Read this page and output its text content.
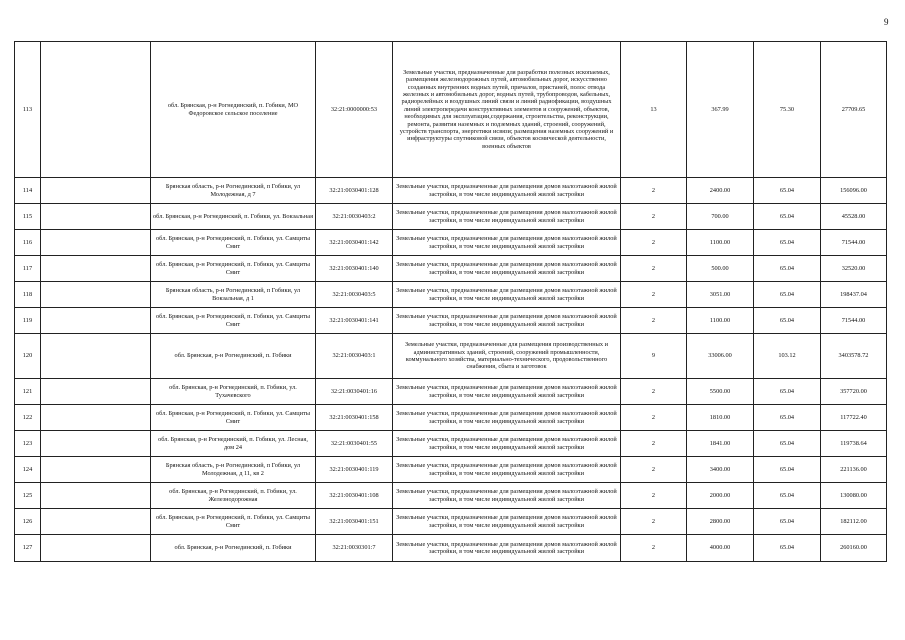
9
113		обл. Брянская, р-н Рогнединский, п. Гобики, МО Федоровское сельское поселение	32:21:0000000:53	Земельные участки, предназначенные для разработки полезных ископаемых, размещения железнодорожных путей, автомобильных дорог, искусственно созданных внутренних водных путей, причалов, пристаней, полос отвода железных и автомобильных дорог, водных путей, трубопроводов, кабельных, радиорелейных и воздушных линий связи и линий радиофикации, воздушных линий электропередачи конструктивных элементов и сооружений, объектов, необходимых для эксплуатации,содержания, строительства, реконструкции, ремонта, развития наземных и подземных зданий, строений, сооружений, устройств транспорта, энергетики исвязи; размещения наземных сооружений и инфраструктуры спутниковой связи, объектов космической деятельности, военных объектов	13	367.99	75.30	27709.65
114		Брянская область, р-н Рогнединский, п Гобики, ул Молодежная, д 7	32:21:0030401:128	Земельные участки, предназначенные для размещения домов малоэтажной жилой застройки, в том числе индивидуальной жилой застройки	2	2400.00	65.04	156096.00
115		обл. Брянская, р-н Рогнединский, п. Гобики, ул. Вокзальная	32:21:0030403:2	Земельные участки, предназначенные для размещения домов малоэтажной жилой застройки, в том числе индивидуальной жилой застройки	2	700.00	65.04	45528.00
116		обл. Брянская, р-н Рогнединский, п. Гобики, ул. Самциты Смит	32:21:0030401:142	Земельные участки, предназначенные для размещения домов малоэтажной жилой застройки, в том числе индивидуальной жилой застройки	2	1100.00	65.04	71544.00
117		обл. Брянская, р-н Рогнединский, п. Гобики, ул. Самциты Смит	32:21:0030401:140	Земельные участки, предназначенные для размещения домов малоэтажной жилой застройки, в том числе индивидуальной жилой застройки	2	500.00	65.04	32520.00
118		Брянская область, р-н Рогнединский, п Гобики, ул Вокзальная, д 1	32:21:0030403:5	Земельные участки, предназначенные для размещения домов малоэтажной жилой застройки, в том числе индивидуальной жилой застройки	2	3051.00	65.04	198437.04
119		обл. Брянская, р-н Рогнединский, п. Гобики, ул. Самциты Смит	32:21:0030401:141	Земельные участки, предназначенные для размещения домов малоэтажной жилой застройки, в том числе индивидуальной жилой застройки	2	1100.00	65.04	71544.00
120		обл. Брянская, р-н Рогнединский, п. Гобики	32:21:0030403:1	Земельные участки, предназначенные для размещения производственных и административных зданий, строений, сооружений промышленности, коммунального хозяйства, материально-технического, продовольственного снабжения, сбыта и заготовок	9	33006.00	103.12	3403578.72
121		обл. Брянская, р-н Рогнединский, п. Гобики, ул. Тухачевского	32:21:0030401:16	Земельные участки, предназначенные для размещения домов малоэтажной жилой застройки, в том числе индивидуальной жилой застройки	2	5500.00	65.04	357720.00
122		обл. Брянская, р-н Рогнединский, п. Гобики, ул. Самциты Смит	32:21:0030401:158	Земельные участки, предназначенные для размещения домов малоэтажной жилой застройки, в том числе индивидуальной жилой застройки	2	1810.00	65.04	117722.40
123		обл. Брянская, р-н Рогнединский, п. Гобики, ул. Лесная, дом 24	32:21:0030401:55	Земельные участки, предназначенные для размещения домов малоэтажной жилой застройки, в том числе индивидуальной жилой застройки	2	1841.00	65.04	119738.64
124		Брянская область, р-н Рогнединский, п Гобики, ул Молодежная, д 11, кв 2	32:21:0030401:119	Земельные участки, предназначенные для размещения домов малоэтажной жилой застройки, в том числе индивидуальной жилой застройки	2	3400.00	65.04	221136.00
125		обл. Брянская, р-н Рогнединский, п. Гобики, ул. Железнодорожная	32:21:0030401:108	Земельные участки, предназначенные для размещения домов малоэтажной жилой застройки, в том числе индивидуальной жилой застройки	2	2000.00	65.04	130080.00
126		обл. Брянская, р-н Рогнединский, п. Гобики, ул. Самциты Смит	32:21:0030401:151	Земельные участки, предназначенные для размещения домов малоэтажной жилой застройки, в том числе индивидуальной жилой застройки	2	2800.00	65.04	182112.00
127		обл. Брянская, р-н Рогнединский, п. Гобики	32:21:0030301:7	Земельные участки, предназначенные для размещения домов малоэтажной жилой застройки, в том числе индивидуальной жилой застройки	2	4000.00	65.04	260160.00
